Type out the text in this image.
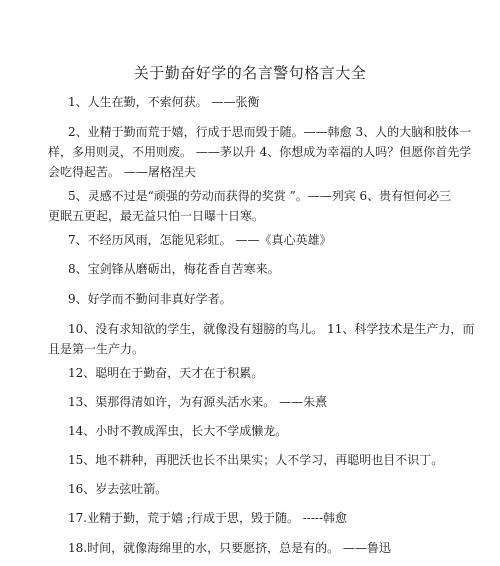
关于勤奋好学的名言警句格言大全

1、人生在勤，不索何获。 ——张衡

2、业精于勤而荒于嬉，行成于思而毁于随。——韩愈 3、人的大脑和肢体一
样，多用则灵，不用则废。 ——茅以升 4、你想成为幸福的人吗？但愿你首先学
会吃得起苦。 ——屠格涅夫

5、灵感不过是“顽强的劳动而获得的奖赏 ”。——列宾 6、贵有恒何必三
更眠五更起，最无益只怕一日曝十日寒。

7、不经历风雨，怎能见彩虹。 ——《真心英雄》

8、宝剑锋从磨砺出，梅花香自苦寒来。

9、好学而不勤问非真好学者。

10、没有求知欲的学生，就像没有翅膀的鸟儿。 11、科学技术是生产力，而
且是第一生产力。

12、聪明在于勤奋，天才在于积累。

13、渠那得清如许，为有源头活水来。 ——朱熹

14、小时不教成浑虫，长大不学成懒龙。

15、地不耕种，再肥沃也长不出果实；人不学习，再聪明也目不识丁。

16、岁去弦吐箭。

17.业精于勤，荒于嬉 ;行成于思，毁于随。 -----韩愈

18.时间，就像海绵里的水，只要愿挤，总是有的。 ——鲁迅
